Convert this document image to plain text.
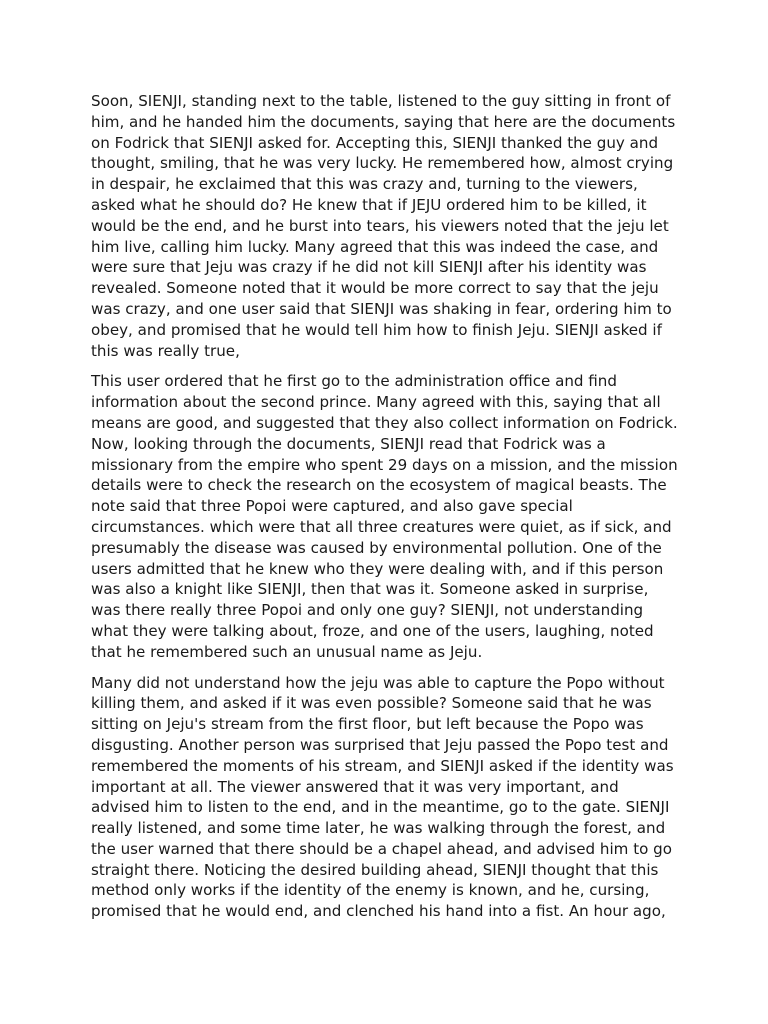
Soon, SIENJI, standing next to the table, listened to the guy sitting in front of
him, and he handed him the documents, saying that here are the documents
on Fodrick that SIENJI asked for. Accepting this, SIENJI thanked the guy and
thought, smiling, that he was very lucky. He remembered how, almost crying
in despair, he exclaimed that this was crazy and, turning to the viewers,
asked what he should do? He knew that if JEJU ordered him to be killed, it
would be the end, and he burst into tears, his viewers noted that the jeju let
him live, calling him lucky. Many agreed that this was indeed the case, and
were sure that Jeju was crazy if he did not kill SIENJI after his identity was
revealed. Someone noted that it would be more correct to say that the jeju
was crazy, and one user said that SIENJI was shaking in fear, ordering him to
obey, and promised that he would tell him how to finish Jeju. SIENJI asked if
this was really true,

This user ordered that he first go to the administration office and find
information about the second prince. Many agreed with this, saying that all
means are good, and suggested that they also collect information on Fodrick.
Now, looking through the documents, SIENJI read that Fodrick was a
missionary from the empire who spent 29 days on a mission, and the mission
details were to check the research on the ecosystem of magical beasts. The
note said that three Popoi were captured, and also gave special
circumstances. which were that all three creatures were quiet, as if sick, and
presumably the disease was caused by environmental pollution. One of the
users admitted that he knew who they were dealing with, and if this person
was also a knight like SIENJI, then that was it. Someone asked in surprise,
was there really three Popoi and only one guy? SIENJI, not understanding
what they were talking about, froze, and one of the users, laughing, noted
that he remembered such an unusual name as Jeju.

Many did not understand how the jeju was able to capture the Popo without
killing them, and asked if it was even possible? Someone said that he was
sitting on Jeju's stream from the first floor, but left because the Popo was
disgusting. Another person was surprised that Jeju passed the Popo test and
remembered the moments of his stream, and SIENJI asked if the identity was
important at all. The viewer answered that it was very important, and
advised him to listen to the end, and in the meantime, go to the gate. SIENJI
really listened, and some time later, he was walking through the forest, and
the user warned that there should be a chapel ahead, and advised him to go
straight there. Noticing the desired building ahead, SIENJI thought that this
method only works if the identity of the enemy is known, and he, cursing,
promised that he would end, and clenched his hand into a fist. An hour ago,
